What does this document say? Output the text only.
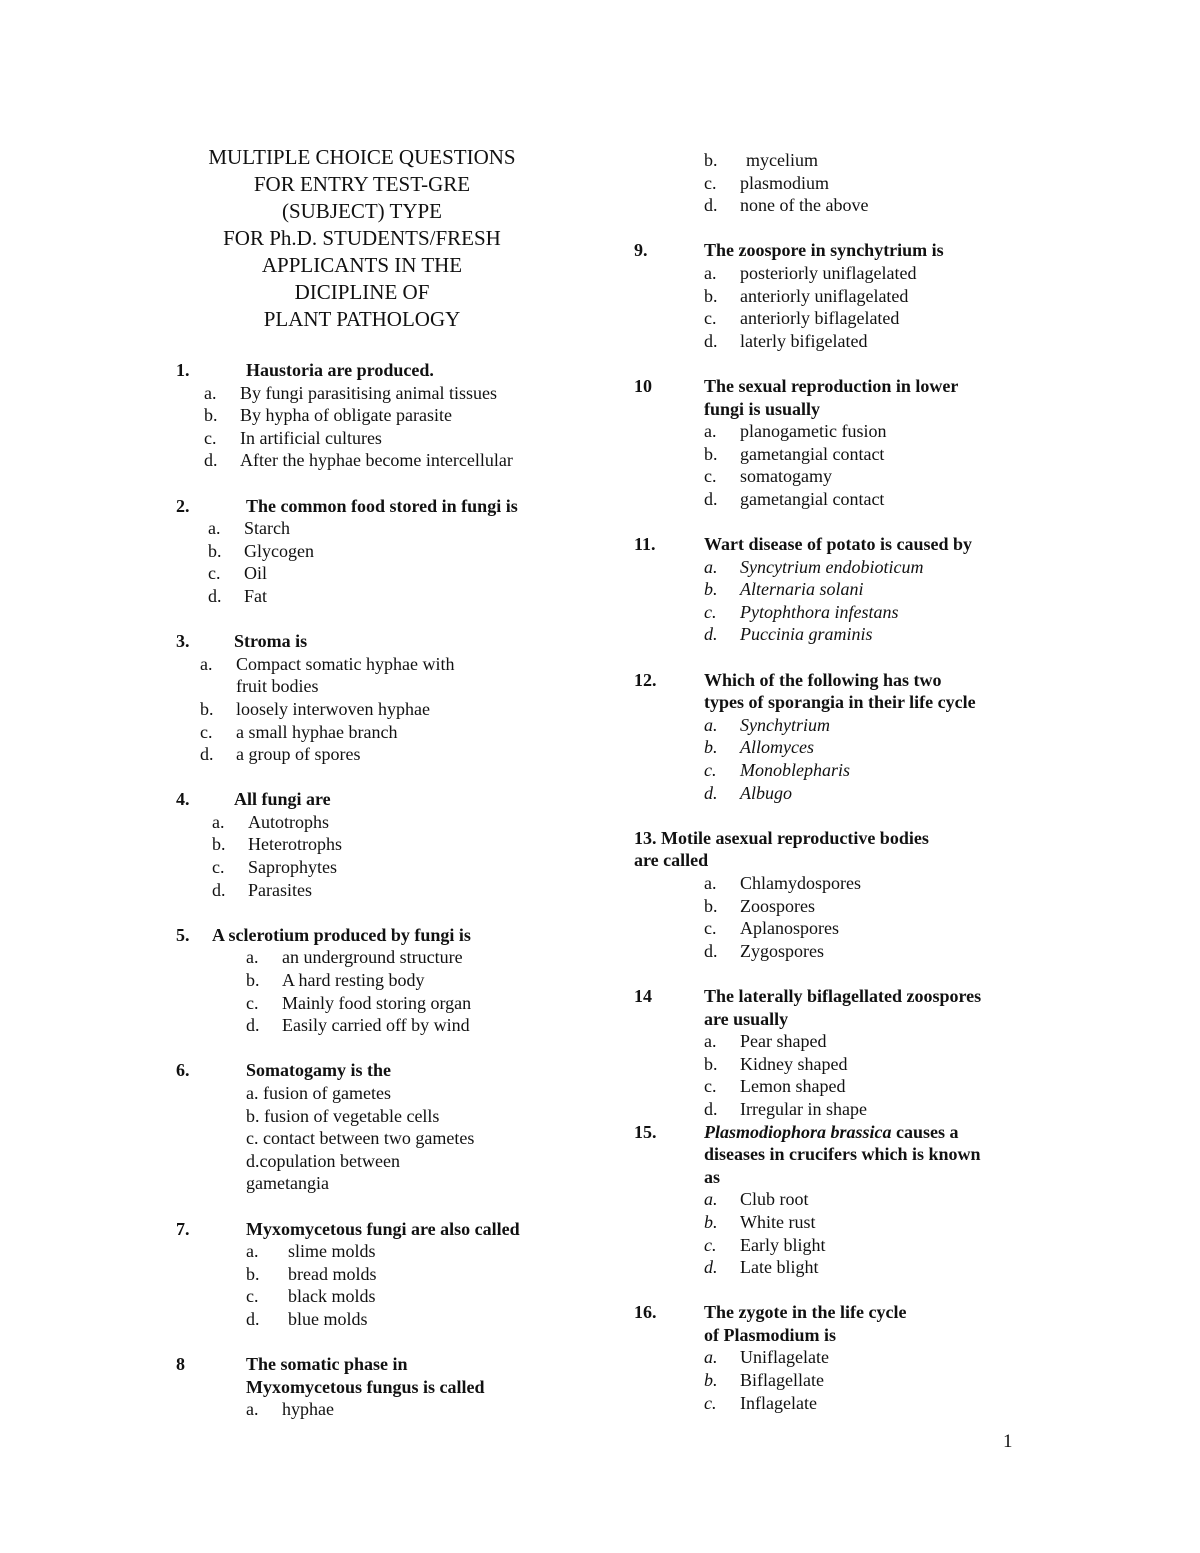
MULTIPLE CHOICE QUESTIONS
FOR ENTRY TEST-GRE
(SUBJECT) TYPE
FOR Ph.D. STUDENTS/FRESH
APPLICANTS IN THE
DICIPLINE OF
PLANT PATHOLOGY
1.	Haustoria are produced.
a.	By fungi parasitising animal tissues
b.	By hypha of obligate parasite
c.	In artificial cultures
d.	After the hyphae become intercellular
2.	The common food stored in fungi is
a.	Starch
b.	Glycogen
c.	Oil
d.	Fat
3.	Stroma is
a.	Compact somatic hyphae with
fruit bodies
b.	loosely interwoven hyphae
c.	a small hyphae branch
d.	a group of spores
4.	All fungi are
a.	Autotrophs
b.	Heterotrophs
c.	Saprophytes
d.	Parasites
5.	A sclerotium produced by fungi is
a.	an underground structure
b.	A hard resting body
c.	Mainly food storing organ
d.	Easily carried off by wind
6.	Somatogamy is the
a. fusion of gametes
b. fusion of vegetable cells
c. contact between two gametes
d.copulation between
gametangia
7.	Myxomycetous fungi are also called
a.	slime molds
b.	bread molds
c.	black molds
d.	blue molds
8	The somatic phase in
Myxomycetous fungus is called
a.	hyphae
b.	mycelium
c.	plasmodium
d.	none of the above
9.	The zoospore in synchytrium is
a.	posteriorly uniflagelated
b.	anteriorly uniflagelated
c.	anteriorly biflagelated
d.	laterly bifigelated
10	The sexual reproduction in lower
fungi is usually
a.	planogametic fusion
b.	gametangial contact
c.	somatogamy
d.	gametangial contact
11.	Wart disease of potato is caused by
a.	Syncytrium endobioticum
b.	Alternaria solani
c.	Pytophthora infestans
d.	Puccinia graminis
12.	Which of the following has two
types of sporangia in their life cycle
a.	Synchytrium
b.	Allomyces
c.	Monoblepharis
d.	Albugo
13. Motile asexual reproductive bodies
are called
a.	Chlamydospores
b.	Zoospores
c.	Aplanospores
d.	Zygospores
14	The laterally biflagellated zoospores
are usually
a.	Pear shaped
b.	Kidney shaped
c.	Lemon shaped
d.	Irregular in shape
15.	Plasmodiophora brassica causes a
diseases in crucifers which is known
as
a.	Club root
b.	White rust
c.	Early blight
d.	Late blight
16.	The zygote in the life cycle
of Plasmodium is
a.	Uniflagelate
b.	Biflagellate
c.	Inflagelate
1
